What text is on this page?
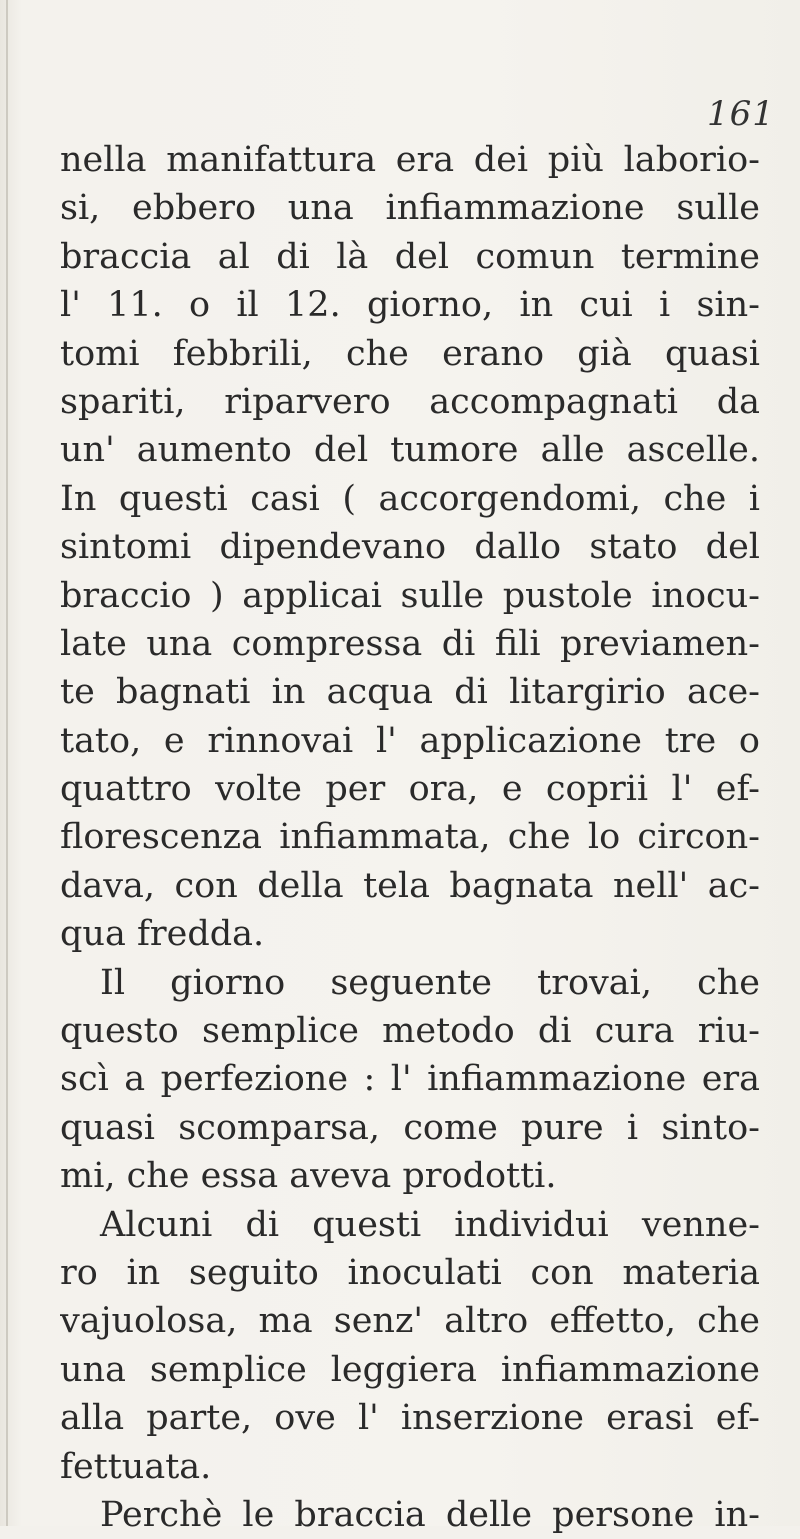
161
nella manifattura era dei più laborio-
si, ebbero una infiammazione sulle
braccia al di là del comun termine
l' 11. o il 12. giorno, in cui i sin-
tomi febbrili, che erano già quasi
spariti, riparvero accompagnati da
un' aumento del tumore alle ascelle.
In questi casi ( accorgendomi, che i
sintomi dipendevano dallo stato del
braccio ) applicai sulle pustole inocu-
late una compressa di fili previamen-
te bagnati in acqua di litargirio ace-
tato, e rinnovai l' applicazione tre o
quattro volte per ora, e coprii l' ef-
florescenza infiammata, che lo circon-
dava, con della tela bagnata nell' ac-
qua fredda.
Il giorno seguente trovai, che
questo semplice metodo di cura riu-
scì a perfezione : l' infiammazione era
quasi scomparsa, come pure i sinto-
mi, che essa aveva prodotti.
Alcuni di questi individui venne-
ro in seguito inoculati con materia
vajuolosa, ma senz' altro effetto, che
una semplice leggiera infiammazione
alla parte, ove l' inserzione erasi ef-
fettuata.
Perchè le braccia delle persone in-
